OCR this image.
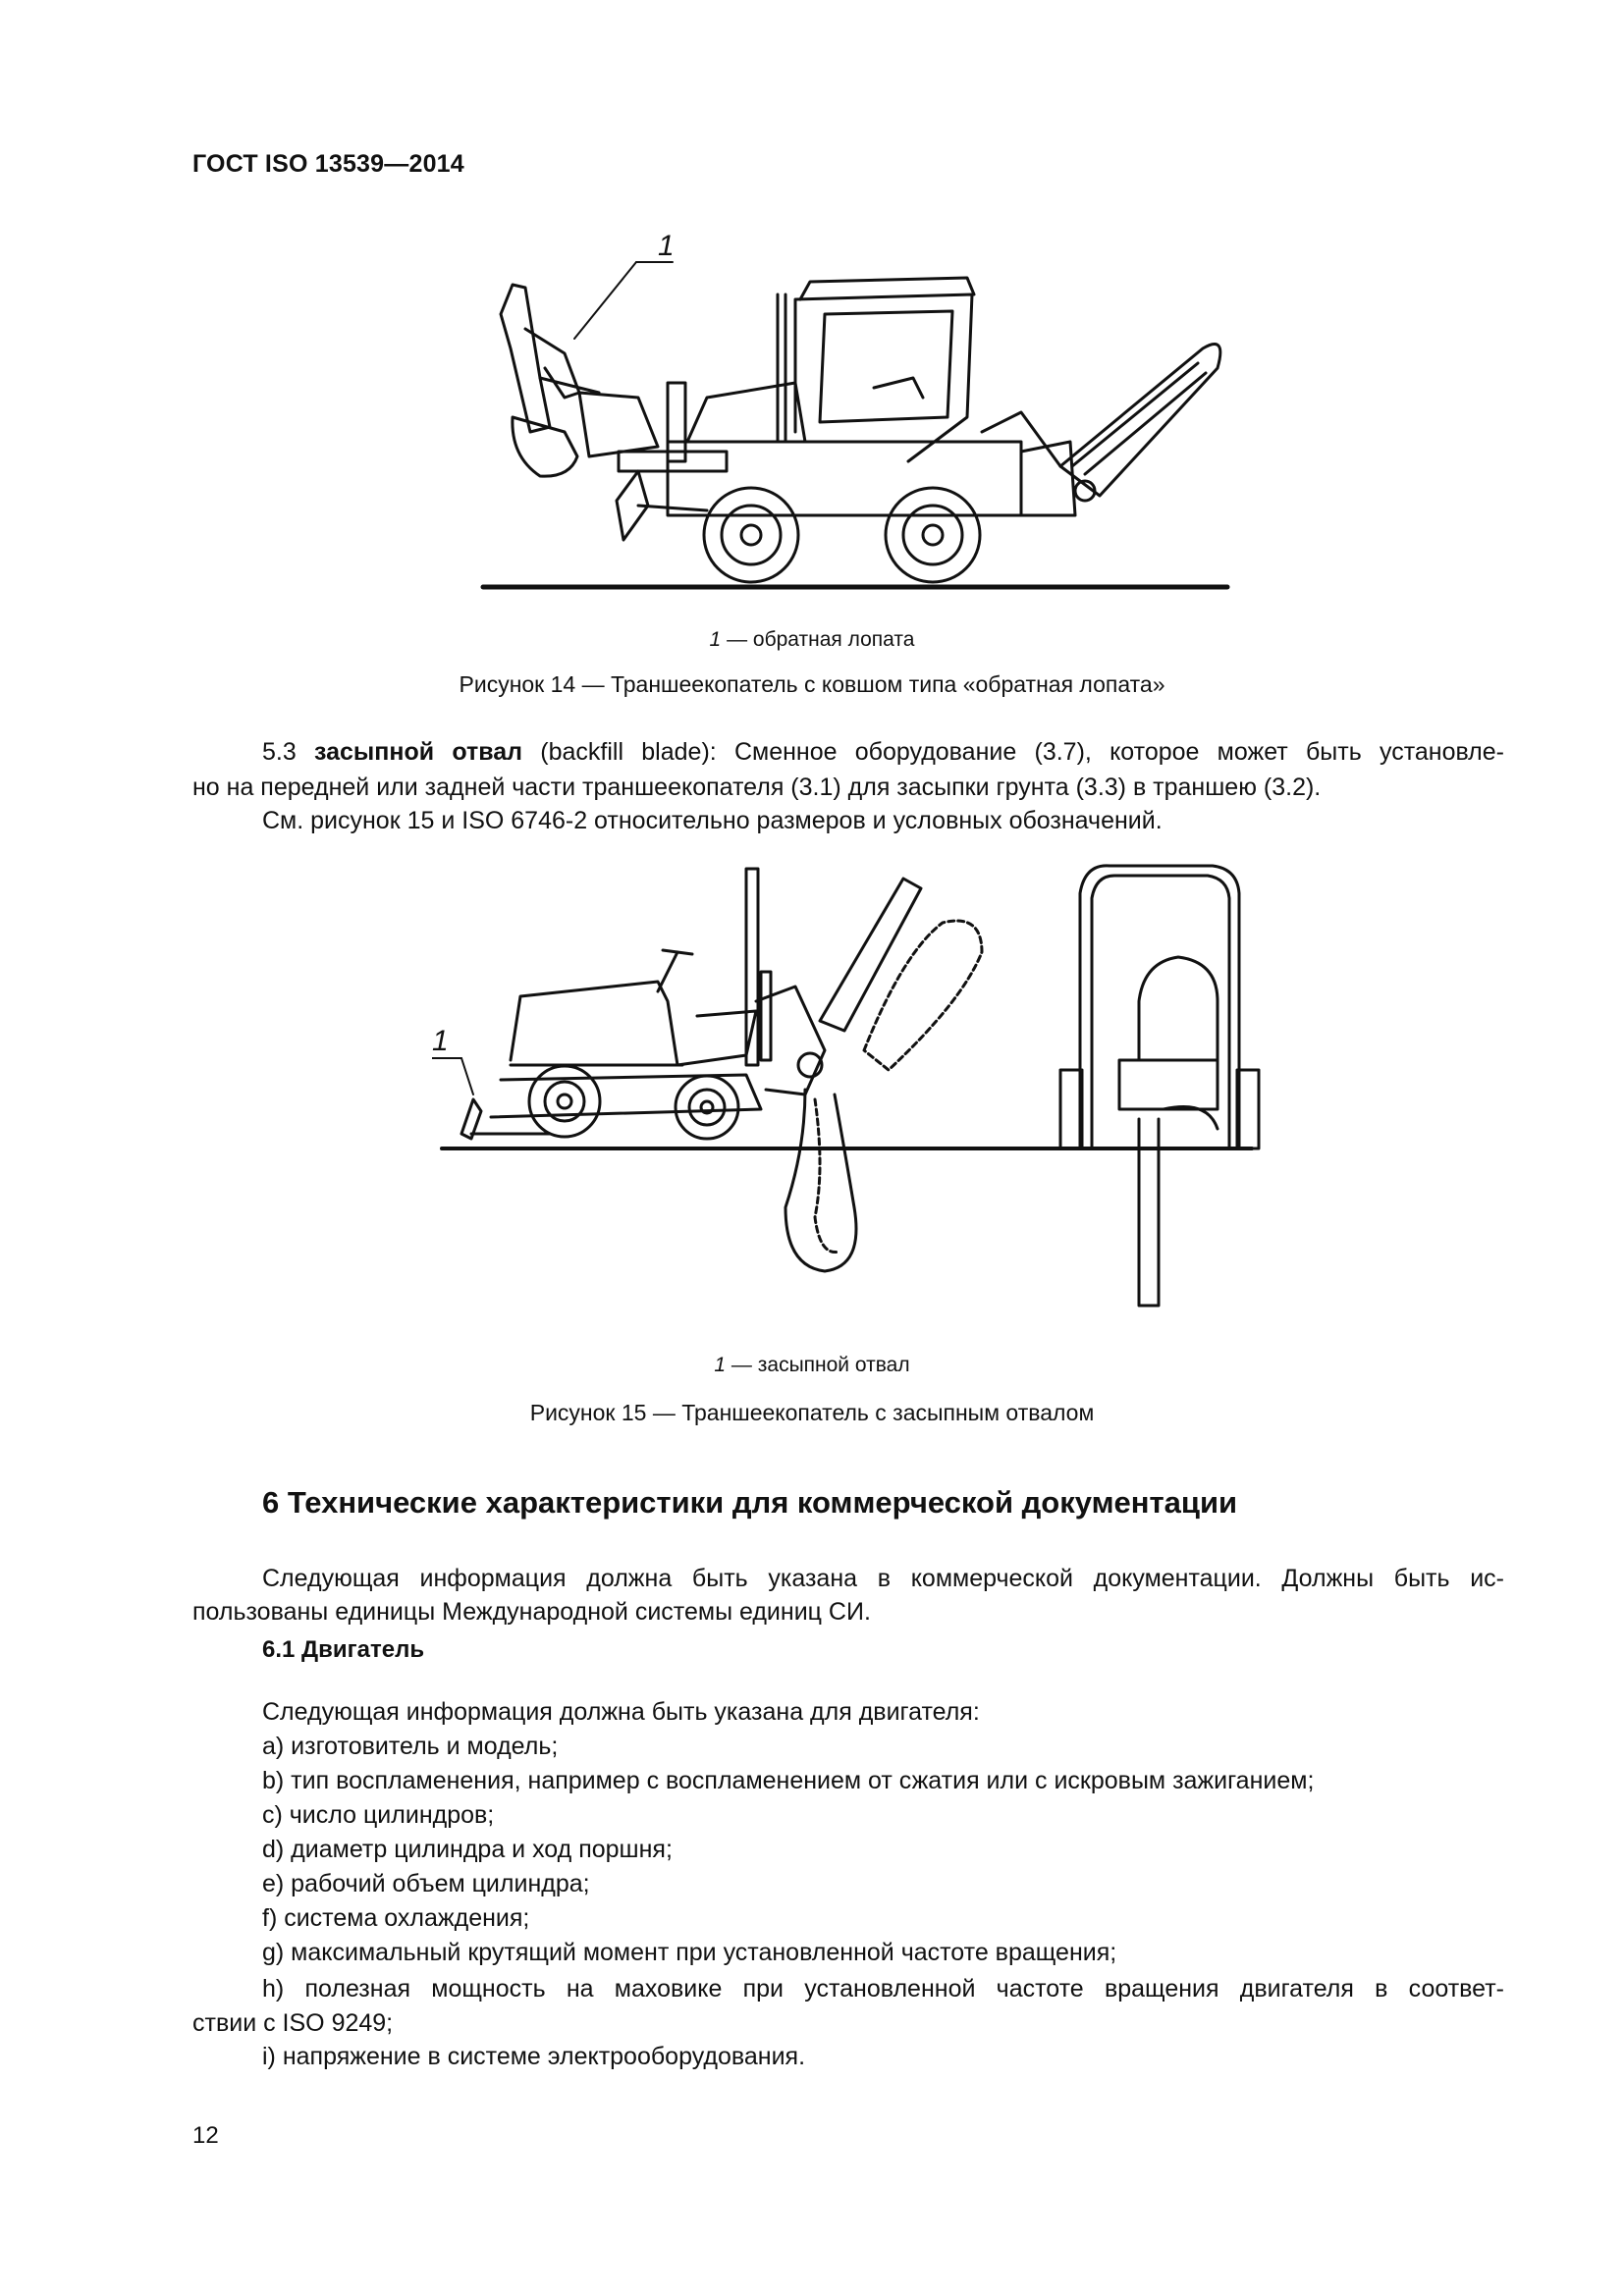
ГОСТ ISO 13539—2014
1
1 — обратная лопата
Рисунок 14 — Траншеекопатель с ковшом типа «обратная лопата»
5.3 засыпной отвал (backfill blade): Сменное оборудование (3.7), которое может быть установле-
но на передней или задней части траншеекопателя (3.1) для засыпки грунта (3.3) в траншею (3.2).
См. рисунок 15 и ISO 6746-2 относительно размеров и условных обозначений.
1
1 — засыпной отвал
Рисунок 15 — Траншеекопатель с засыпным отвалом
6 Технические характеристики для коммерческой документации
Следующая информация должна быть указана в коммерческой документации. Должны быть ис-
пользованы единицы Международной системы единиц СИ.
6.1 Двигатель
Следующая информация должна быть указана для двигателя:
a) изготовитель и модель;
b) тип воспламенения, например с воспламенением от сжатия или с искровым зажиганием;
c) число цилиндров;
d) диаметр цилиндра и ход поршня;
e) рабочий объем цилиндра;
f) система охлаждения;
g) максимальный крутящий момент при установленной частоте вращения;
h) полезная мощность на маховике при установленной частоте вращения двигателя в соответ-
ствии с ISO 9249;
i) напряжение в системе электрооборудования.
12
